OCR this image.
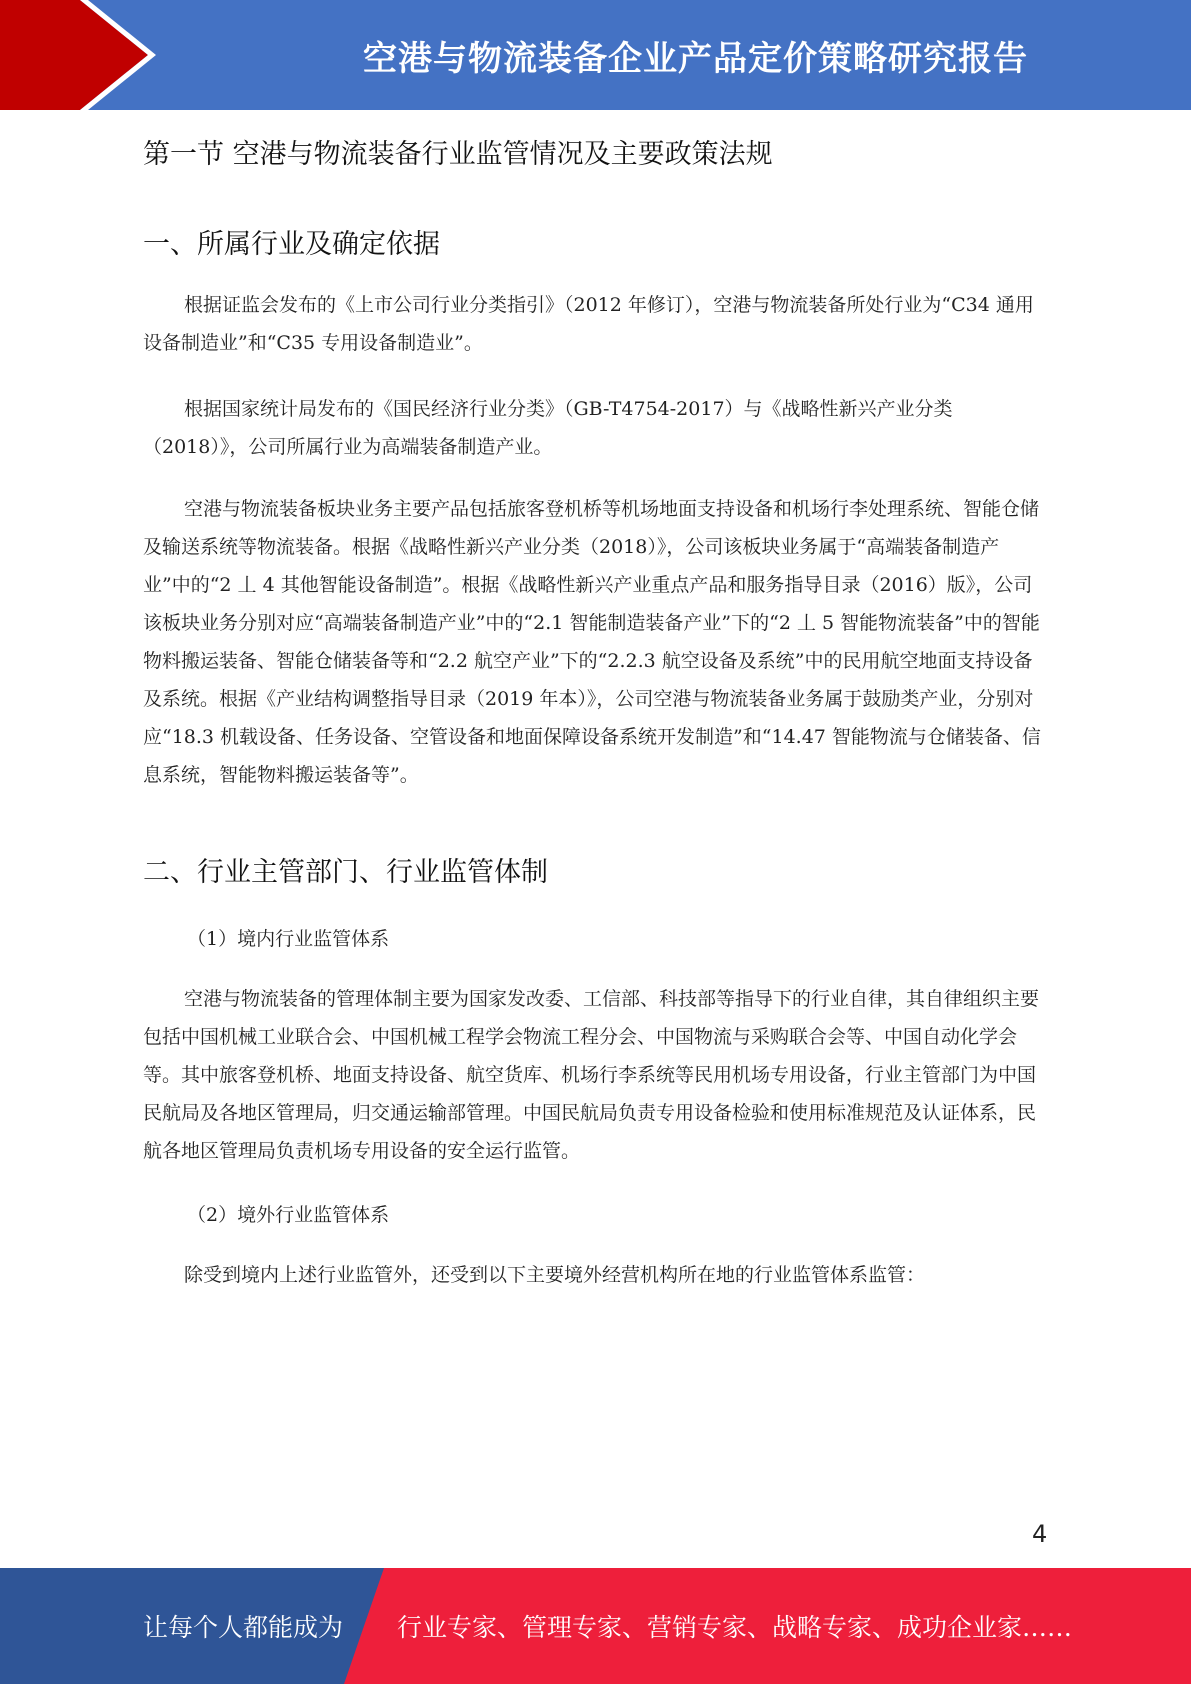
空港与物流装备企业产品定价策略研究报告
第一节 空港与物流装备行业监管情况及主要政策法规
一、所属行业及确定依据

根据证监会发布的《上市公司行业分类指引》（2012 年修订），空港与物流装备所处行业为“C34 通用设备制造业”和“C35 专用设备制造业”。

根据国家统计局发布的《国民经济行业分类》（GB-T4754-2017）与《战略性新兴产业分类（2018）》，公司所属行业为高端装备制造产业。

空港与物流装备板块业务主要产品包括旅客登机桥等机场地面支持设备和机场行李处理系统、智能仓储及输送系统等物流装备。根据《战略性新兴产业分类（2018）》，公司该板块业务属于“高端装备制造产业”中的“2 丄 4 其他智能设备制造”。根据《战略性新兴产业重点产品和服务指导目录（2016）版》，公司该板块业务分别对应“高端装备制造产业”中的“2.1 智能制造装备产业”下的“2 丄 5 智能物流装备”中的智能物料搬运装备、智能仓储装备等和“2.2 航空产业”下的“2.2.3 航空设备及系统”中的民用航空地面支持设备及系统。根据《产业结构调整指导目录（2019 年本）》，公司空港与物流装备业务属于鼓励类产业，分别对应“18.3 机载设备、任务设备、空管设备和地面保障设备系统开发制造”和“14.47 智能物流与仓储装备、信息系统，智能物料搬运装备等”。

二、行业主管部门、行业监管体制

（1）境内行业监管体系

空港与物流装备的管理体制主要为国家发改委、工信部、科技部等指导下的行业自律，其自律组织主要包括中国机械工业联合会、中国机械工程学会物流工程分会、中国物流与采购联合会等、中国自动化学会等。其中旅客登机桥、地面支持设备、航空货库、机场行李系统等民用机场专用设备，行业主管部门为中国民航局及各地区管理局，归交通运输部管理。中国民航局负责专用设备检验和使用标准规范及认证体系，民航各地区管理局负责机场专用设备的安全运行监管。

（2）境外行业监管体系

除受到境内上述行业监管外，还受到以下主要境外经营机构所在地的行业监管体系监管：

4
让每个人都能成为 行业专家、管理专家、营销专家、战略专家、成功企业家……
